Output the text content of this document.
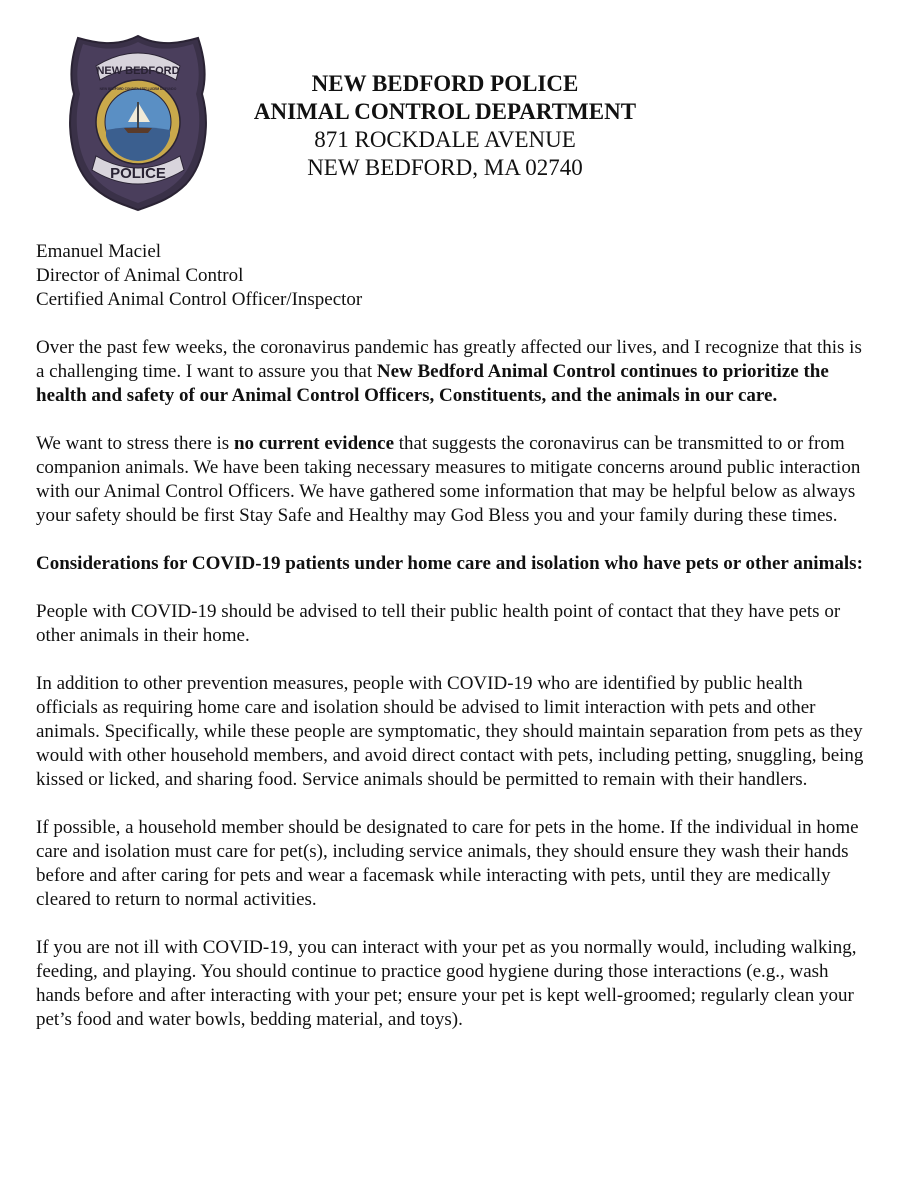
NEW BEDFORD
POLICE
NEW BEDFORD CONDITA 1787 LUCEM DIFFUNDO	NEW BEDFORD POLICE
ANIMAL CONTROL DEPARTMENT
871 ROCKDALE AVENUE
NEW BEDFORD, MA 02740

Emanuel Maciel
Director of Animal Control
Certified Animal Control Officer/Inspector

Over the past few weeks, the coronavirus pandemic has greatly affected our lives, and I recognize that this is a challenging time. I want to assure you that New Bedford Animal Control continues to prioritize the health and safety of our Animal Control Officers, Constituents, and the animals in our care.

We want to stress there is no current evidence that suggests the coronavirus can be transmitted to or from companion animals. We have been taking necessary measures to mitigate concerns around public interaction with our Animal Control Officers. We have gathered some information that may be helpful below as always your safety should be first Stay Safe and Healthy may God Bless you and your family during these times.

Considerations for COVID-19 patients under home care and isolation who have pets or other animals:

People with COVID-19 should be advised to tell their public health point of contact that they have pets or other animals in their home.

In addition to other prevention measures, people with COVID-19 who are identified by public health officials as requiring home care and isolation should be advised to limit interaction with pets and other animals. Specifically, while these people are symptomatic, they should maintain separation from pets as they would with other household members, and avoid direct contact with pets, including petting, snuggling, being kissed or licked, and sharing food. Service animals should be permitted to remain with their handlers.

If possible, a household member should be designated to care for pets in the home. If the individual in home care and isolation must care for pet(s), including service animals, they should ensure they wash their hands before and after caring for pets and wear a facemask while interacting with pets, until they are medically cleared to return to normal activities.

If you are not ill with COVID-19, you can interact with your pet as you normally would, including walking, feeding, and playing. You should continue to practice good hygiene during those interactions (e.g., wash hands before and after interacting with your pet; ensure your pet is kept well-groomed; regularly clean your pet’s food and water bowls, bedding material, and toys).
